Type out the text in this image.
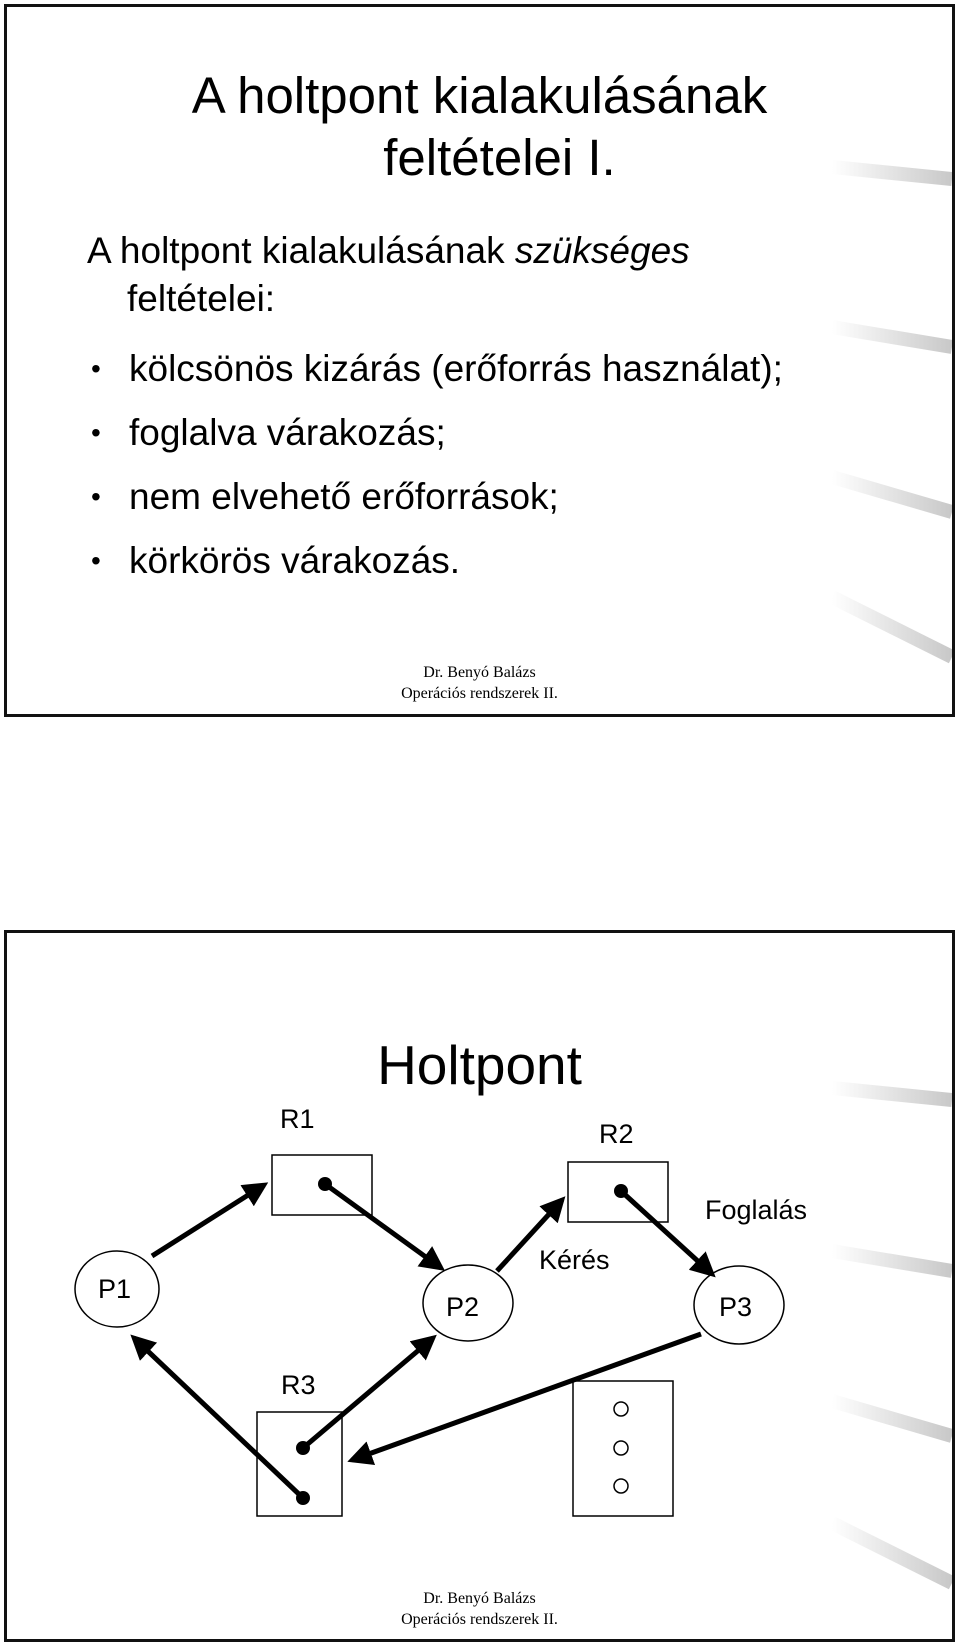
A holtpont kialakulásának
feltételei I.
A holtpont kialakulásának szükséges
feltételei:
• kölcsönös kizárás (erőforrás használat);
• foglalva várakozás;
• nem elvehető erőforrások;
• körkörös várakozás.
Dr. Benyó Balázs
Operációs rendszerek II.
Holtpont
R1	R2
R3
P1
P2	P3
Kérés
Foglalás
Dr. Benyó Balázs
Operációs rendszerek II.
